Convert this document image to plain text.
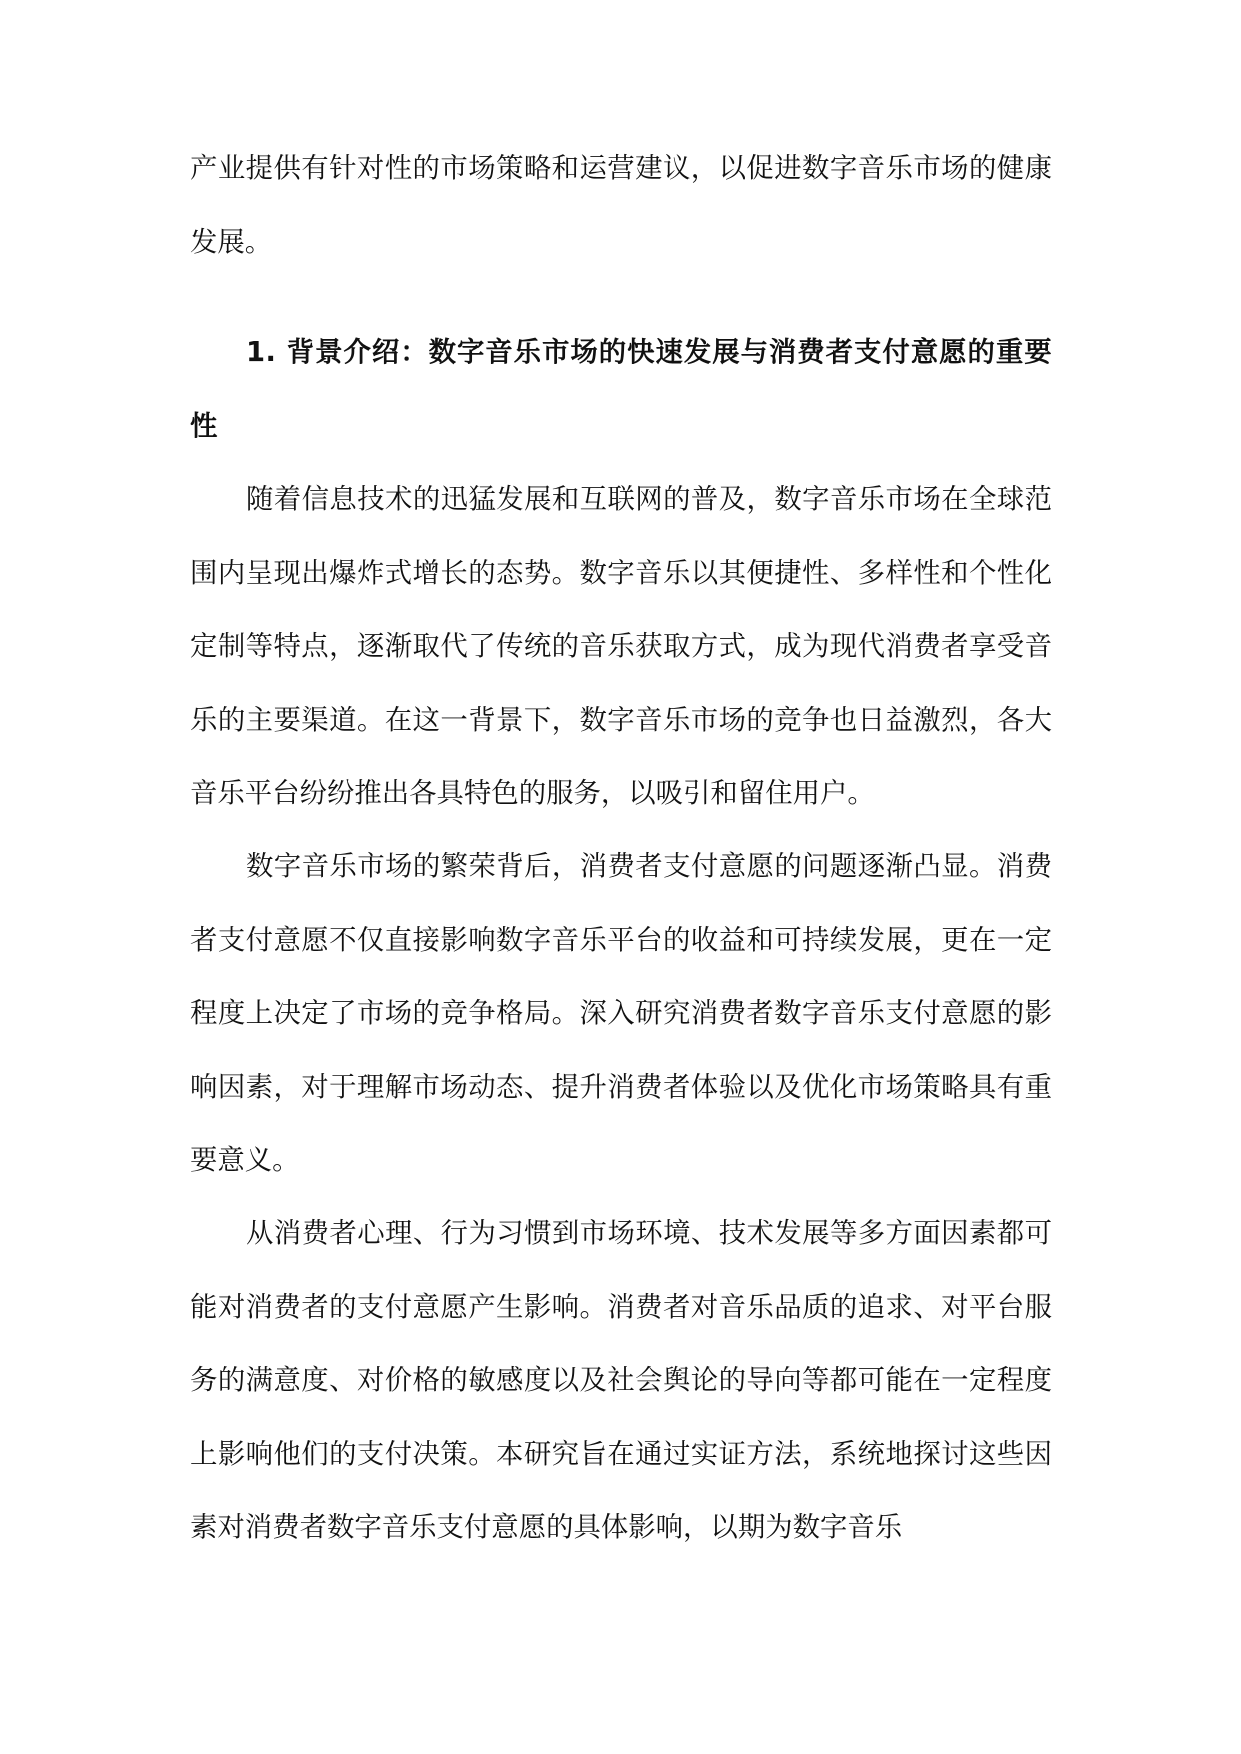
产业提供有针对性的市场策略和运营建议，以促进数字音乐市场的健康发展。

1. 背景介绍：数字音乐市场的快速发展与消费者支付意愿的重要性

随着信息技术的迅猛发展和互联网的普及，数字音乐市场在全球范围内呈现出爆炸式增长的态势。数字音乐以其便捷性、多样性和个性化定制等特点，逐渐取代了传统的音乐获取方式，成为现代消费者享受音乐的主要渠道。在这一背景下，数字音乐市场的竞争也日益激烈，各大音乐平台纷纷推出各具特色的服务，以吸引和留住用户。

数字音乐市场的繁荣背后，消费者支付意愿的问题逐渐凸显。消费者支付意愿不仅直接影响数字音乐平台的收益和可持续发展，更在一定程度上决定了市场的竞争格局。深入研究消费者数字音乐支付意愿的影响因素，对于理解市场动态、提升消费者体验以及优化市场策略具有重要意义。

从消费者心理、行为习惯到市场环境、技术发展等多方面因素都可能对消费者的支付意愿产生影响。消费者对音乐品质的追求、对平台服务的满意度、对价格的敏感度以及社会舆论的导向等都可能在一定程度上影响他们的支付决策。本研究旨在通过实证方法，系统地探讨这些因素对消费者数字音乐支付意愿的具体影响，以期为数字音乐
